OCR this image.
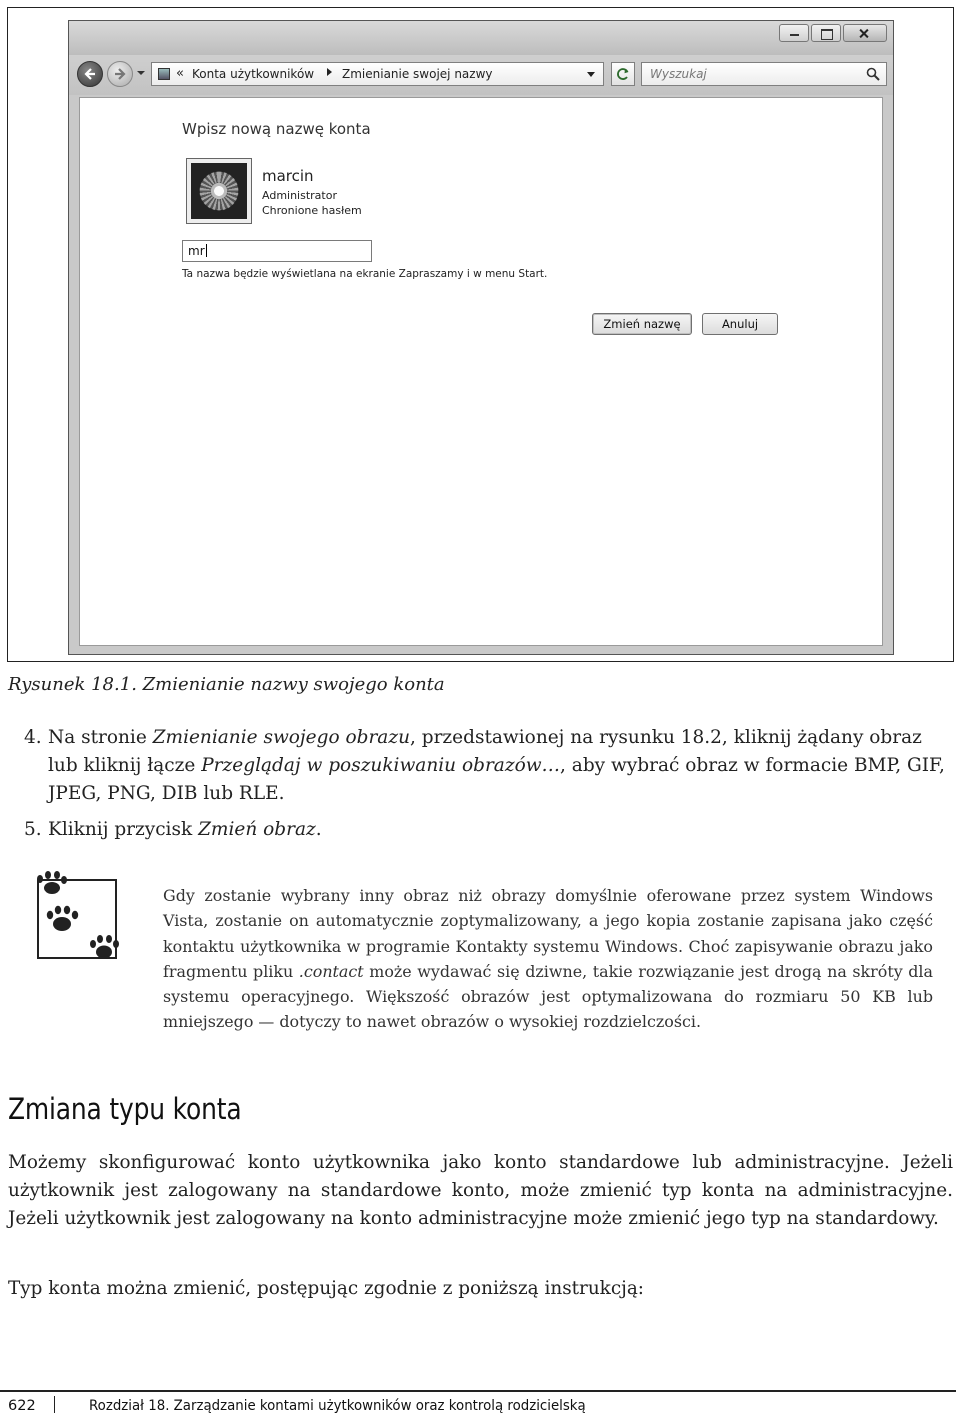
« Konta użytkowników Zmienianie swojej nazwy	Wyszukaj
Wpisz nową nazwę konta
marcin
Administrator
Chronione hasłem
mr
Ta nazwa będzie wyświetlana na ekranie Zapraszamy i w menu Start.
Zmień nazwę	Anuluj
Rysunek 18.1. Zmienianie nazwy swojego konta
4. Na stronie Zmienianie swojego obrazu, przedstawionej na rysunku 18.2, kliknij żądany obraz lub kliknij łącze Przeglądaj w poszukiwaniu obrazów…, aby wybrać obraz w formacie BMP, GIF, JPEG, PNG, DIB lub RLE.
5. Kliknij przycisk Zmień obraz.
Gdy zostanie wybrany inny obraz niż obrazy domyślnie oferowane przez system Windows Vista, zostanie on automatycznie zoptymalizowany, a jego kopia zostanie zapisana jako część kontaktu użytkownika w programie Kontakty systemu Windows. Choć zapisywanie obrazu jako fragmentu pliku .contact może wydawać się dziwne, takie rozwiązanie jest drogą na skróty dla systemu operacyjnego. Większość obrazów jest optymalizowana do rozmiaru 50 KB lub mniejszego — dotyczy to nawet obrazów o wysokiej rozdzielczości.
Zmiana typu konta
Możemy skonfigurować konto użytkownika jako konto standardowe lub administracyjne. Jeżeli użytkownik jest zalogowany na standardowe konto, może zmienić typ konta na administracyjne. Jeżeli użytkownik jest zalogowany na konto administracyjne może zmienić jego typ na standardowy.
Typ konta można zmienić, postępując zgodnie z poniższą instrukcją:
622	Rozdział 18. Zarządzanie kontami użytkowników oraz kontrolą rodzicielską
